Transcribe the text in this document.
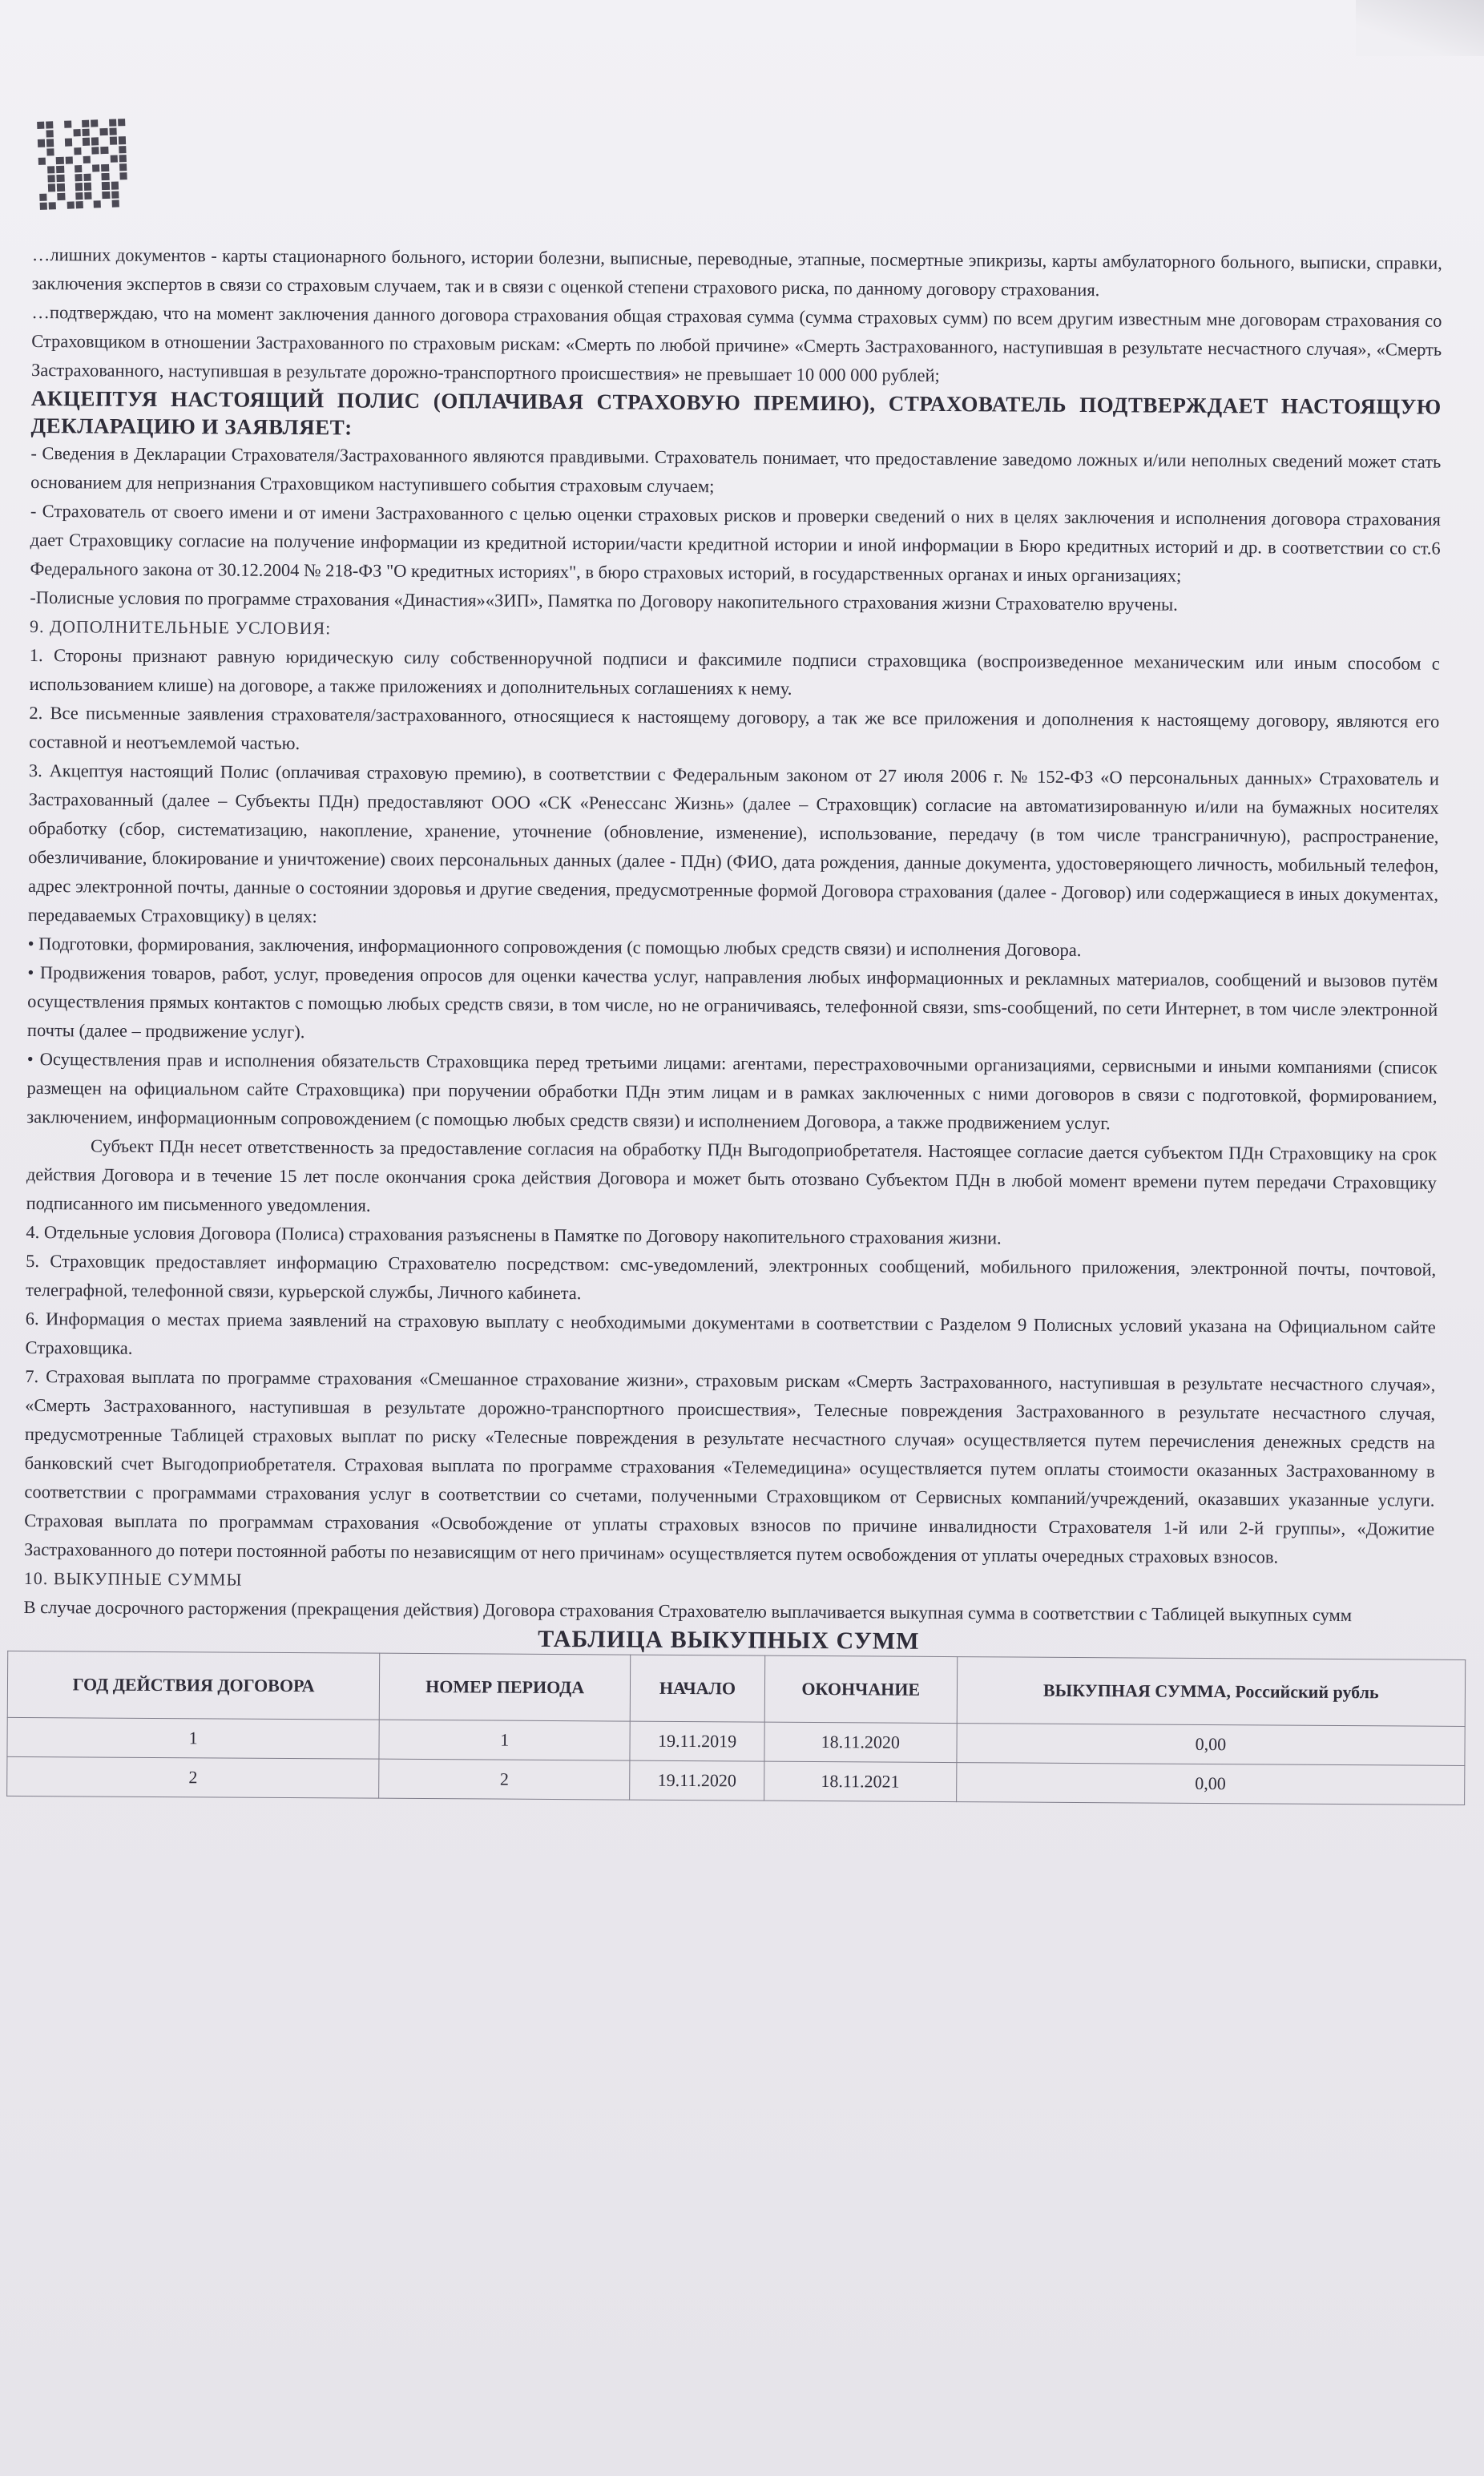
…лишних документов - карты стационарного больного, истории болезни, выписные, переводные, этапные, посмертные эпикризы, карты амбулаторного больного, выписки, справки, заключения экспертов в связи со страховым случаем, так и в связи с оценкой степени страхового риска, по данному договору страхования.

…подтверждаю, что на момент заключения данного договора страхования общая страховая сумма (сумма страховых сумм) по всем другим известным мне договорам страхования со Страховщиком в отношении Застрахованного по страховым рискам: «Смерть по любой причине» «Смерть Застрахованного, наступившая в результате несчастного случая», «Смерть Застрахованного, наступившая в результате дорожно-транспортного происшествия» не превышает 10 000 000 рублей;

АКЦЕПТУЯ НАСТОЯЩИЙ ПОЛИС (ОПЛАЧИВАЯ СТРАХОВУЮ ПРЕМИЮ), СТРАХОВАТЕЛЬ ПОДТВЕРЖДАЕТ НАСТОЯЩУЮ ДЕКЛАРАЦИЮ И ЗАЯВЛЯЕТ:

- Сведения в Декларации Страхователя/Застрахованного являются правдивыми. Страхователь понимает, что предоставление заведомо ложных и/или неполных сведений может стать основанием для непризнания Страховщиком наступившего события страховым случаем;

- Страхователь от своего имени и от имени Застрахованного с целью оценки страховых рисков и проверки сведений о них в целях заключения и исполнения договора страхования дает Страховщику согласие на получение информации из кредитной истории/части кредитной истории и иной информации в Бюро кредитных историй и др. в соответствии со ст.6 Федерального закона от 30.12.2004 № 218-ФЗ "О кредитных историях", в бюро страховых историй, в государственных органах и иных организациях;

-Полисные условия по программе страхования «Династия»«ЗИП», Памятка по Договору накопительного страхования жизни Страхователю вручены.

9. ДОПОЛНИТЕЛЬНЫЕ УСЛОВИЯ:

1. Стороны признают равную юридическую силу собственноручной подписи и факсимиле подписи страховщика (воспроизведенное механическим или иным способом с использованием клише) на договоре, а также приложениях и дополнительных соглашениях к нему.

2. Все письменные заявления страхователя/застрахованного, относящиеся к настоящему договору, а так же все приложения и дополнения к настоящему договору, являются его составной и неотъемлемой частью.

3. Акцептуя настоящий Полис (оплачивая страховую премию), в соответствии с Федеральным законом от 27 июля 2006 г. № 152-ФЗ «О персональных данных» Страхователь и Застрахованный (далее – Субъекты ПДн) предоставляют ООО «СК «Ренессанс Жизнь» (далее – Страховщик) согласие на автоматизированную и/или на бумажных носителях обработку (сбор, систематизацию, накопление, хранение, уточнение (обновление, изменение), использование, передачу (в том числе трансграничную), распространение, обезличивание, блокирование и уничтожение) своих персональных данных (далее - ПДн) (ФИО, дата рождения, данные документа, удостоверяющего личность, мобильный телефон, адрес электронной почты, данные о состоянии здоровья и другие сведения, предусмотренные формой Договора страхования (далее - Договор) или содержащиеся в иных документах, передаваемых Страховщику) в целях:

• Подготовки, формирования, заключения, информационного сопровождения (с помощью любых средств связи) и исполнения Договора.

• Продвижения товаров, работ, услуг, проведения опросов для оценки качества услуг, направления любых информационных и рекламных материалов, сообщений и вызовов путём осуществления прямых контактов с помощью любых средств связи, в том числе, но не ограничиваясь, телефонной связи, sms-сообщений, по сети Интернет, в том числе электронной почты (далее – продвижение услуг).

• Осуществления прав и исполнения обязательств Страховщика перед третьими лицами: агентами, перестраховочными организациями, сервисными и иными компаниями (список размещен на официальном сайте Страховщика) при поручении обработки ПДн этим лицам и в рамках заключенных с ними договоров в связи с подготовкой, формированием, заключением, информационным сопровождением (с помощью любых средств связи) и исполнением Договора, а также продвижением услуг.

Субъект ПДн несет ответственность за предоставление согласия на обработку ПДн Выгодоприобретателя. Настоящее согласие дается субъектом ПДн Страховщику на срок действия Договора и в течение 15 лет после окончания срока действия Договора и может быть отозвано Субъектом ПДн в любой момент времени путем передачи Страховщику подписанного им письменного уведомления.

4. Отдельные условия Договора (Полиса) страхования разъяснены в Памятке по Договору накопительного страхования жизни.

5. Страховщик предоставляет информацию Страхователю посредством: смс-уведомлений, электронных сообщений, мобильного приложения, электронной почты, почтовой, телеграфной, телефонной связи, курьерской службы, Личного кабинета.

6. Информация о местах приема заявлений на страховую выплату с необходимыми документами в соответствии с Разделом 9 Полисных условий указана на Официальном сайте Страховщика.

7. Страховая выплата по программе страхования «Смешанное страхование жизни», страховым рискам «Смерть Застрахованного, наступившая в результате несчастного случая», «Смерть Застрахованного, наступившая в результате дорожно-транспортного происшествия», Телесные повреждения Застрахованного в результате несчастного случая, предусмотренные Таблицей страховых выплат по риску «Телесные повреждения в результате несчастного случая» осуществляется путем перечисления денежных средств на банковский счет Выгодоприобретателя. Страховая выплата по программе страхования «Телемедицина» осуществляется путем оплаты стоимости оказанных Застрахованному в соответствии с программами страхования услуг в соответствии со счетами, полученными Страховщиком от Сервисных компаний/учреждений, оказавших указанные услуги. Страховая выплата по программам страхования «Освобождение от уплаты страховых взносов по причине инвалидности Страхователя 1-й или 2-й группы», «Дожитие Застрахованного до потери постоянной работы по независящим от него причинам» осуществляется путем освобождения от уплаты очередных страховых взносов.

10. ВЫКУПНЫЕ СУММЫ

В случае досрочного расторжения (прекращения действия) Договора страхования Страхователю выплачивается выкупная сумма в соответствии с Таблицей выкупных сумм

ТАБЛИЦА ВЫКУПНЫХ СУММ

ГОД ДЕЙСТВИЯ ДОГОВОРА	НОМЕР ПЕРИОДА	НАЧАЛО	ОКОНЧАНИЕ	ВЫКУПНАЯ СУММА, Российский рубль
1	1	19.11.2019	18.11.2020	0,00
2	2	19.11.2020	18.11.2021	0,00
